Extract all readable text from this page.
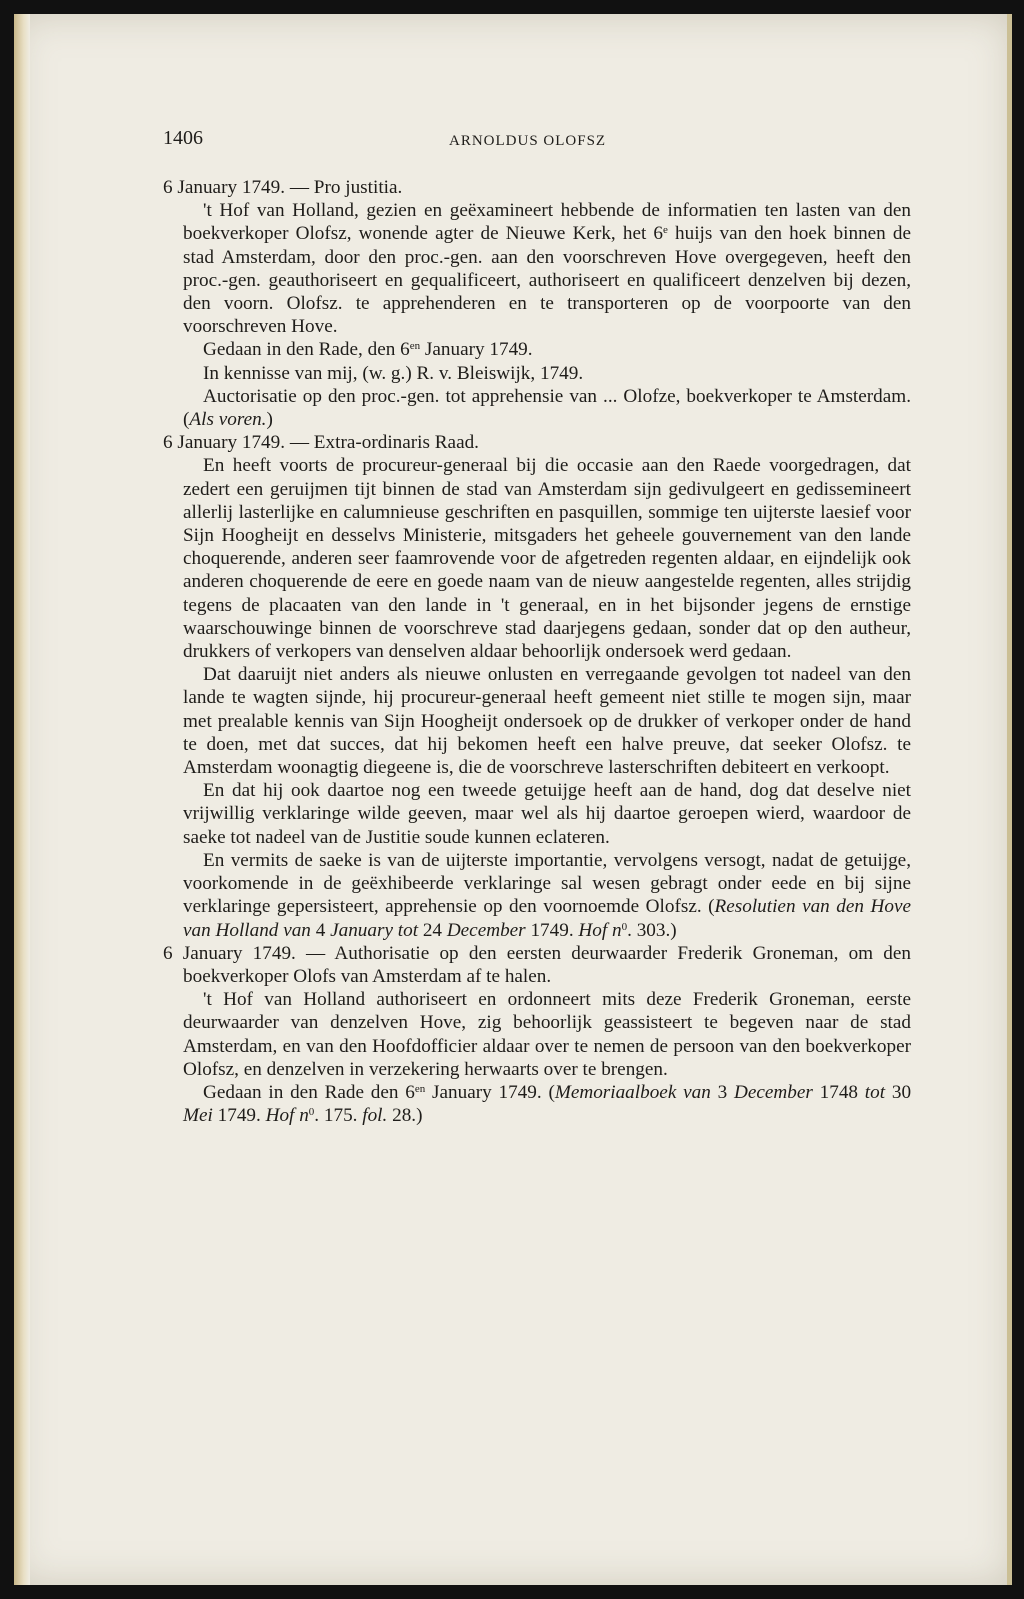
1406	ARNOLDUS OLOFSZ

6 January 1749. — Pro justitia.

't Hof van Holland, gezien en geëxamineert hebbende de informatien ten lasten van den boekverkoper Olofsz, wonende agter de Nieuwe Kerk, het 6e huijs van den hoek binnen de stad Amsterdam, door den proc.-gen. aan den voorschreven Hove overgegeven, heeft den proc.-gen. geauthoriseert en gequalificeert, authoriseert en qualificeert denzelven bij dezen, den voorn. Olofsz. te apprehenderen en te transporteren op de voorpoorte van den voorschreven Hove.

Gedaan in den Rade, den $6^{en}$ January 1749.

In kennisse van mij, (w. g.) R. v. Bleiswijk, 1749.

Auctorisatie op den proc.-gen. tot apprehensie van ... Olofze, boekverkoper te Amsterdam. (Als voren.)

6 January 1749. — Extra-ordinaris Raad.

En heeft voorts de procureur-generaal bij die occasie aan den Raede voorgedragen, dat zedert een geruijmen tijt binnen de stad van Amsterdam sijn gedivulgeert en gedissemineert allerlij lasterlijke en calumnieuse geschriften en pasquillen, sommige ten uijterste laesief voor Sijn Hoogheijt en desselvs Ministerie, mitsgaders het geheele gouvernement van den lande choquerende, anderen seer faamrovende voor de afgetreden regenten aldaar, en eijndelijk ook anderen choquerende de eere en goede naam van de nieuw aangestelde regenten, alles strijdig tegens de placaaten van den lande in 't generaal, en in het bijsonder jegens de ernstige waarschouwinge binnen de voorschreve stad daarjegens gedaan, sonder dat op den autheur, drukkers of verkopers van denselven aldaar behoorlijk ondersoek werd gedaan.

Dat daaruijt niet anders als nieuwe onlusten en verregaande gevolgen tot nadeel van den lande te wagten sijnde, hij procureur-generaal heeft gemeent niet stille te mogen sijn, maar met prealable kennis van Sijn Hoogheijt ondersoek op de drukker of verkoper onder de hand te doen, met dat succes, dat hij bekomen heeft een halve preuve, dat seeker Olofsz. te Amsterdam woonagtig diegeene is, die de voorschreve lasterschriften debiteert en verkoopt.

En dat hij ook daartoe nog een tweede getuijge heeft aan de hand, dog dat deselve niet vrijwillig verklaringe wilde geeven, maar wel als hij daartoe geroepen wierd, waardoor de saeke tot nadeel van de Justitie soude kunnen eclateren.

En vermits de saeke is van de uijterste importantie, vervolgens versogt, nadat de getuijge, voorkomende in de geëxhibeerde verklaringe sal wesen gebragt onder eede en bij sijne verklaringe gepersisteert, apprehensie op den voornoemde Olofsz. (Resolutien van den Hove van Holland van 4 January tot 24 December 1749. Hof $n^0$. 303.)

6 January 1749. — Authorisatie op den eersten deurwaarder Frederik Groneman, om den boekverkoper Olofs van Amsterdam af te halen.

't Hof van Holland authoriseert en ordonneert mits deze Frederik Groneman, eerste deurwaarder van denzelven Hove, zig behoorlijk geassisteert te begeven naar de stad Amsterdam, en van den Hoofdofficier aldaar over te nemen de persoon van den boekverkoper Olofsz, en denzelven in verzekering herwaarts over te brengen.

Gedaan in den Rade den $6^{en}$ January 1749. (Memoriaalboek van 3 December 1748 tot 30 Mei 1749. Hof $n^0$. 175. fol. 28.)
